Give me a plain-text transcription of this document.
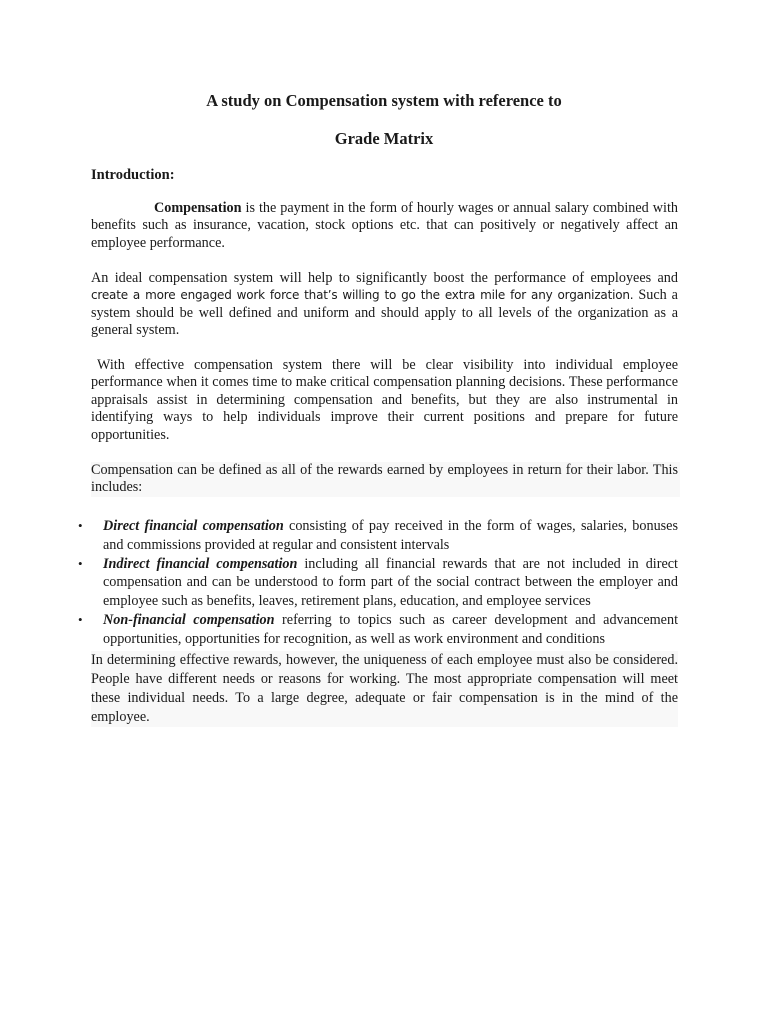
A study on Compensation system with reference to
Grade Matrix
Introduction:

Compensation is the payment in the form of hourly wages or annual salary combined with benefits such as insurance, vacation, stock options etc. that can positively or negatively affect an employee performance.

An ideal compensation system will help to significantly boost the performance of employees and create a more engaged work force that’s willing to go the extra mile for any organization. Such a system should be well defined and uniform and should apply to all levels of the organization as a general system.

With effective compensation system there will be clear visibility into individual employee performance when it comes time to make critical compensation planning decisions. These performance appraisals assist in determining compensation and benefits, but they are also instrumental in identifying ways to help individuals improve their current positions and prepare for future opportunities.

Compensation can be defined as all of the rewards earned by employees in return for their labor. This includes:

•	Direct financial compensation consisting of pay received in the form of wages, salaries, bonuses and commissions provided at regular and consistent intervals
•	Indirect financial compensation including all financial rewards that are not included in direct compensation and can be understood to form part of the social contract between the employer and employee such as benefits, leaves, retirement plans, education, and employee services
•	Non-financial compensation referring to topics such as career development and advancement opportunities, opportunities for recognition, as well as work environment and conditions

In determining effective rewards, however, the uniqueness of each employee must also be considered. People have different needs or reasons for working. The most appropriate compensation will meet these individual needs. To a large degree, adequate or fair compensation is in the mind of the employee.
